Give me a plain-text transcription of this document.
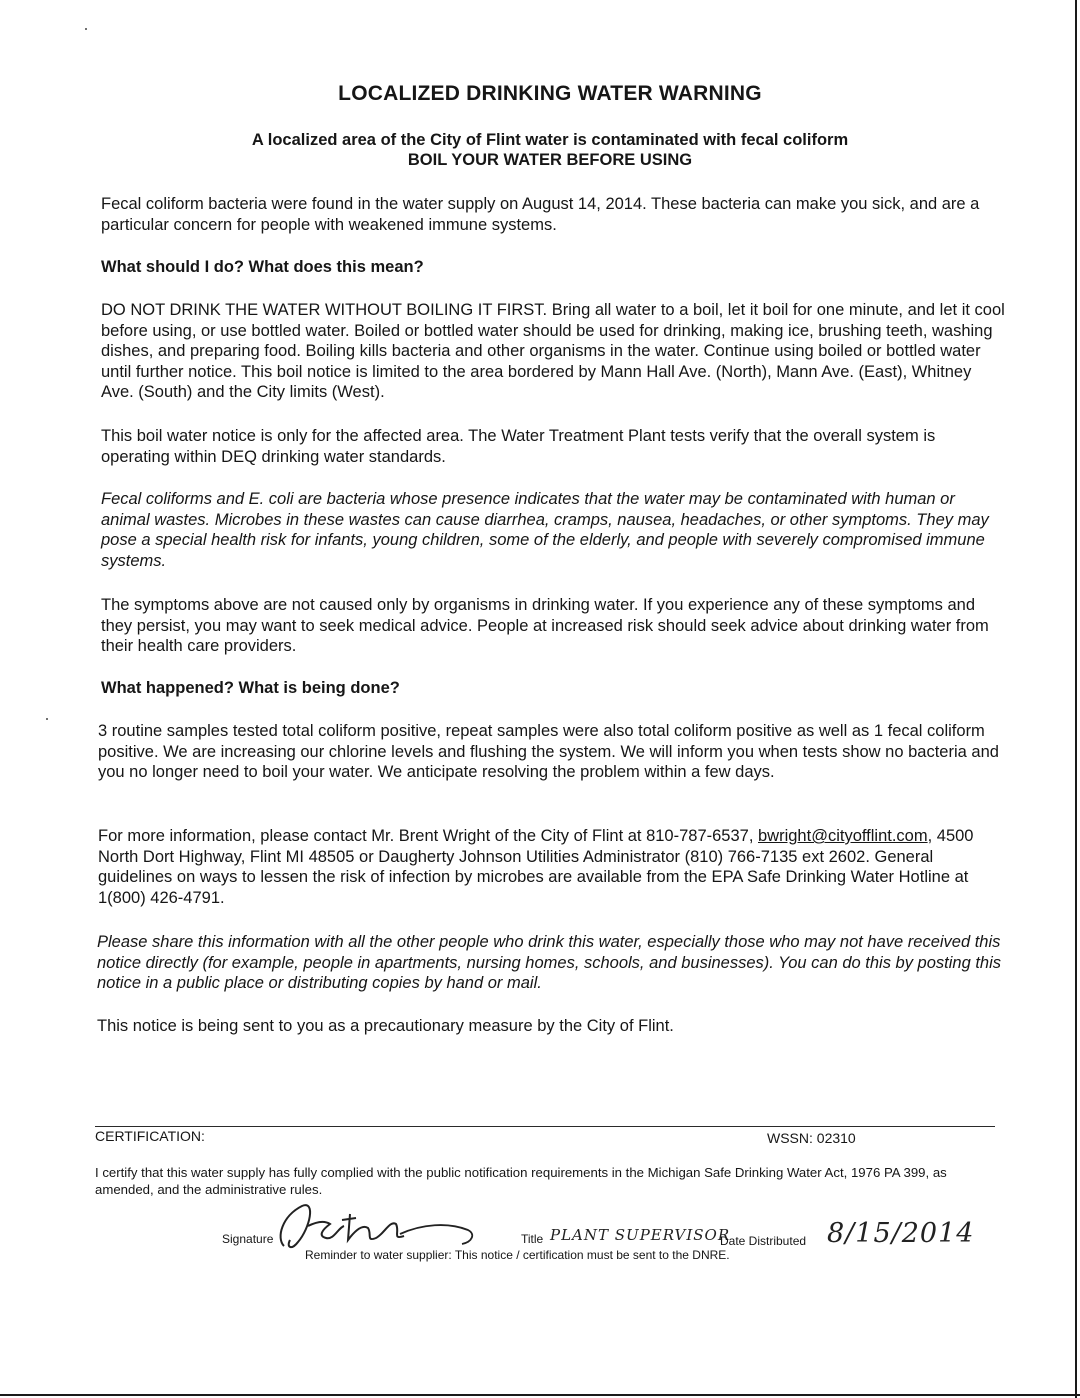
LOCALIZED DRINKING WATER WARNING
A localized area of the City of Flint water is contaminated with fecal coliform
BOIL YOUR WATER BEFORE USING

Fecal coliform bacteria were found in the water supply on August 14, 2014. These bacteria can make you sick, and are a particular concern for people with weakened immune systems.

What should I do? What does this mean?

DO NOT DRINK THE WATER WITHOUT BOILING IT FIRST. Bring all water to a boil, let it boil for one minute, and let it cool before using, or use bottled water. Boiled or bottled water should be used for drinking, making ice, brushing teeth, washing dishes, and preparing food. Boiling kills bacteria and other organisms in the water. Continue using boiled or bottled water until further notice. This boil notice is limited to the area bordered by Mann Hall Ave. (North), Mann Ave. (East), Whitney Ave. (South) and the City limits (West).

This boil water notice is only for the affected area. The Water Treatment Plant tests verify that the overall system is operating within DEQ drinking water standards.

Fecal coliforms and E. coli are bacteria whose presence indicates that the water may be contaminated with human or animal wastes. Microbes in these wastes can cause diarrhea, cramps, nausea, headaches, or other symptoms. They may pose a special health risk for infants, young children, some of the elderly, and people with severely compromised immune systems.

The symptoms above are not caused only by organisms in drinking water. If you experience any of these symptoms and they persist, you may want to seek medical advice. People at increased risk should seek advice about drinking water from their health care providers.

What happened? What is being done?

3 routine samples tested total coliform positive, repeat samples were also total coliform positive as well as 1 fecal coliform positive. We are increasing our chlorine levels and flushing the system. We will inform you when tests show no bacteria and you no longer need to boil your water. We anticipate resolving the problem within a few days.

For more information, please contact Mr. Brent Wright of the City of Flint at 810-787-6537, bwright@cityofflint.com, 4500 North Dort Highway, Flint MI 48505 or Daugherty Johnson Utilities Administrator (810) 766-7135 ext 2602. General guidelines on ways to lessen the risk of infection by microbes are available from the EPA Safe Drinking Water Hotline at 1(800) 426-4791.

Please share this information with all the other people who drink this water, especially those who may not have received this notice directly (for example, people in apartments, nursing homes, schools, and businesses). You can do this by posting this notice in a public place or distributing copies by hand or mail.

This notice is being sent to you as a precautionary measure by the City of Flint.

CERTIFICATION:	WSSN: 02310
I certify that this water supply has fully complied with the public notification requirements in the Michigan Safe Drinking Water Act, 1976 PA 399, as amended, and the administrative rules.
Signature
Reminder to water supplier: This notice / certification must be sent to the DNRE.
Title PLANT SUPERVISOR
Date Distributed 8/15/2014
